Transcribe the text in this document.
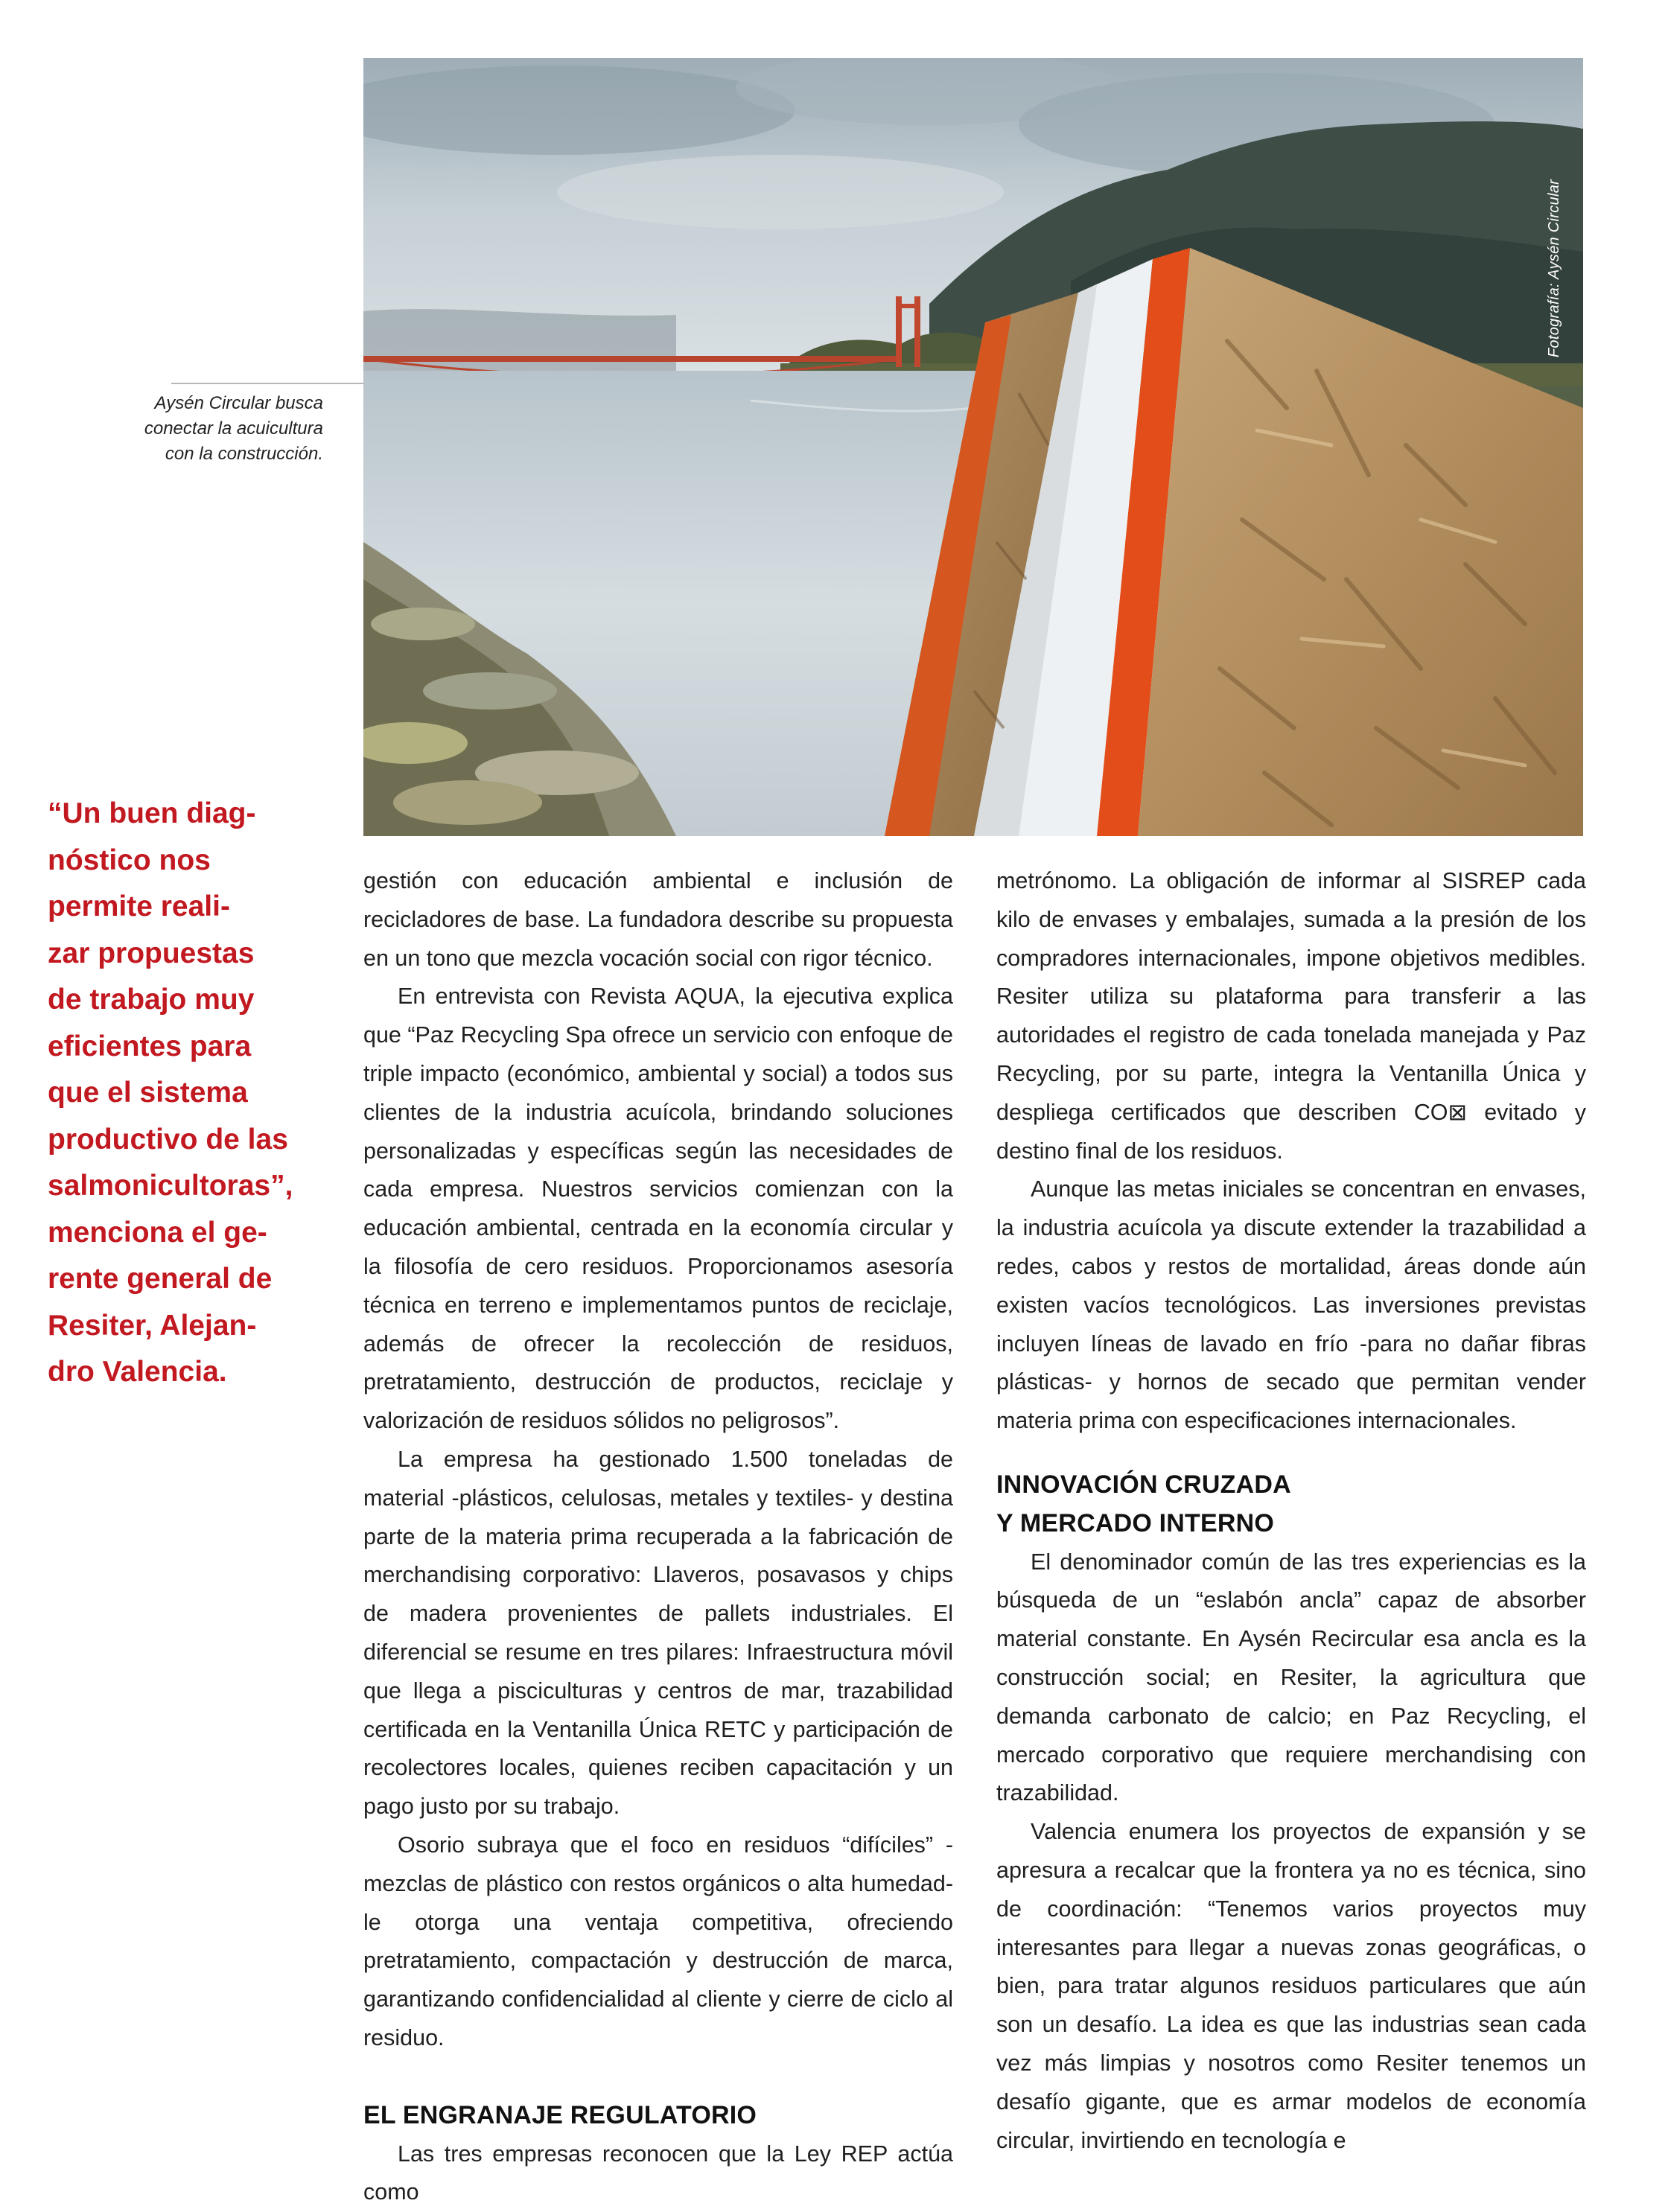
Fotografía: Aysén Circular
Aysén Circular busca
conectar la acuicultura
con la construcción.
“Un buen diag-
nóstico nos
permite reali-
zar propuestas
de trabajo muy
eficientes para
que el sistema
productivo de las
salmonicultoras”,
menciona el ge-
rente general de
Resiter, Alejan-
dro Valencia.

gestión con educación ambiental e inclusión de recicladores de base. La fundadora describe su propuesta en un tono que mezcla vocación social con rigor técnico.

En entrevista con Revista AQUA, la ejecutiva explica que “Paz Recycling Spa ofrece un servicio con enfoque de triple impacto (económico, ambiental y social) a todos sus clientes de la industria acuícola, brindando soluciones personalizadas y específicas según las necesidades de cada empresa. Nuestros servicios comienzan con la educación ambiental, centrada en la economía circular y la filosofía de cero residuos. Proporcionamos asesoría técnica en terreno e implementamos puntos de reciclaje, además de ofrecer la recolección de residuos, pretratamiento, destrucción de productos, reciclaje y valorización de residuos sólidos no peligrosos”.

La empresa ha gestionado 1.500 toneladas de material -plásticos, celulosas, metales y textiles- y destina parte de la materia prima recuperada a la fabricación de merchandising corporativo: Llaveros, posavasos y chips de madera provenientes de pallets industriales. El diferencial se resume en tres pilares: Infraestructura móvil que llega a pisciculturas y centros de mar, trazabilidad certificada en la Ventanilla Única RETC y participación de recolectores locales, quienes reciben capacitación y un pago justo por su trabajo.

Osorio subraya que el foco en residuos “difíciles” -mezclas de plástico con restos orgánicos o alta humedad- le otorga una ventaja competitiva, ofreciendo pretratamiento, compactación y destrucción de marca, garantizando confidencialidad al cliente y cierre de ciclo al residuo.

EL ENGRANAJE REGULATORIO

Las tres empresas reconocen que la Ley REP actúa como

metrónomo. La obligación de informar al SISREP cada kilo de envases y embalajes, sumada a la presión de los compradores internacionales, impone objetivos medibles. Resiter utiliza su plataforma para transferir a las autoridades el registro de cada tonelada manejada y Paz Recycling, por su parte, integra la Ventanilla Única y despliega certificados que describen CO⊠ evitado y destino final de los residuos.

Aunque las metas iniciales se concentran en envases, la industria acuícola ya discute extender la trazabilidad a redes, cabos y restos de mortalidad, áreas donde aún existen vacíos tecnológicos. Las inversiones previstas incluyen líneas de lavado en frío -para no dañar fibras plásticas- y hornos de secado que permitan vender materia prima con especificaciones internacionales.

INNOVACIÓN CRUZADA
Y MERCADO INTERNO

El denominador común de las tres experiencias es la búsqueda de un “eslabón ancla” capaz de absorber material constante. En Aysén Recircular esa ancla es la construcción social; en Resiter, la agricultura que demanda carbonato de calcio; en Paz Recycling, el mercado corporativo que requiere merchandising con trazabilidad.

Valencia enumera los proyectos de expansión y se apresura a recalcar que la frontera ya no es técnica, sino de coordinación: “Tenemos varios proyectos muy interesantes para llegar a nuevas zonas geográficas, o bien, para tratar algunos residuos particulares que aún son un desafío. La idea es que las industrias sean cada vez más limpias y nosotros como Resiter tenemos un desafío gigante, que es armar modelos de economía circular, invirtiendo en tecnología e
